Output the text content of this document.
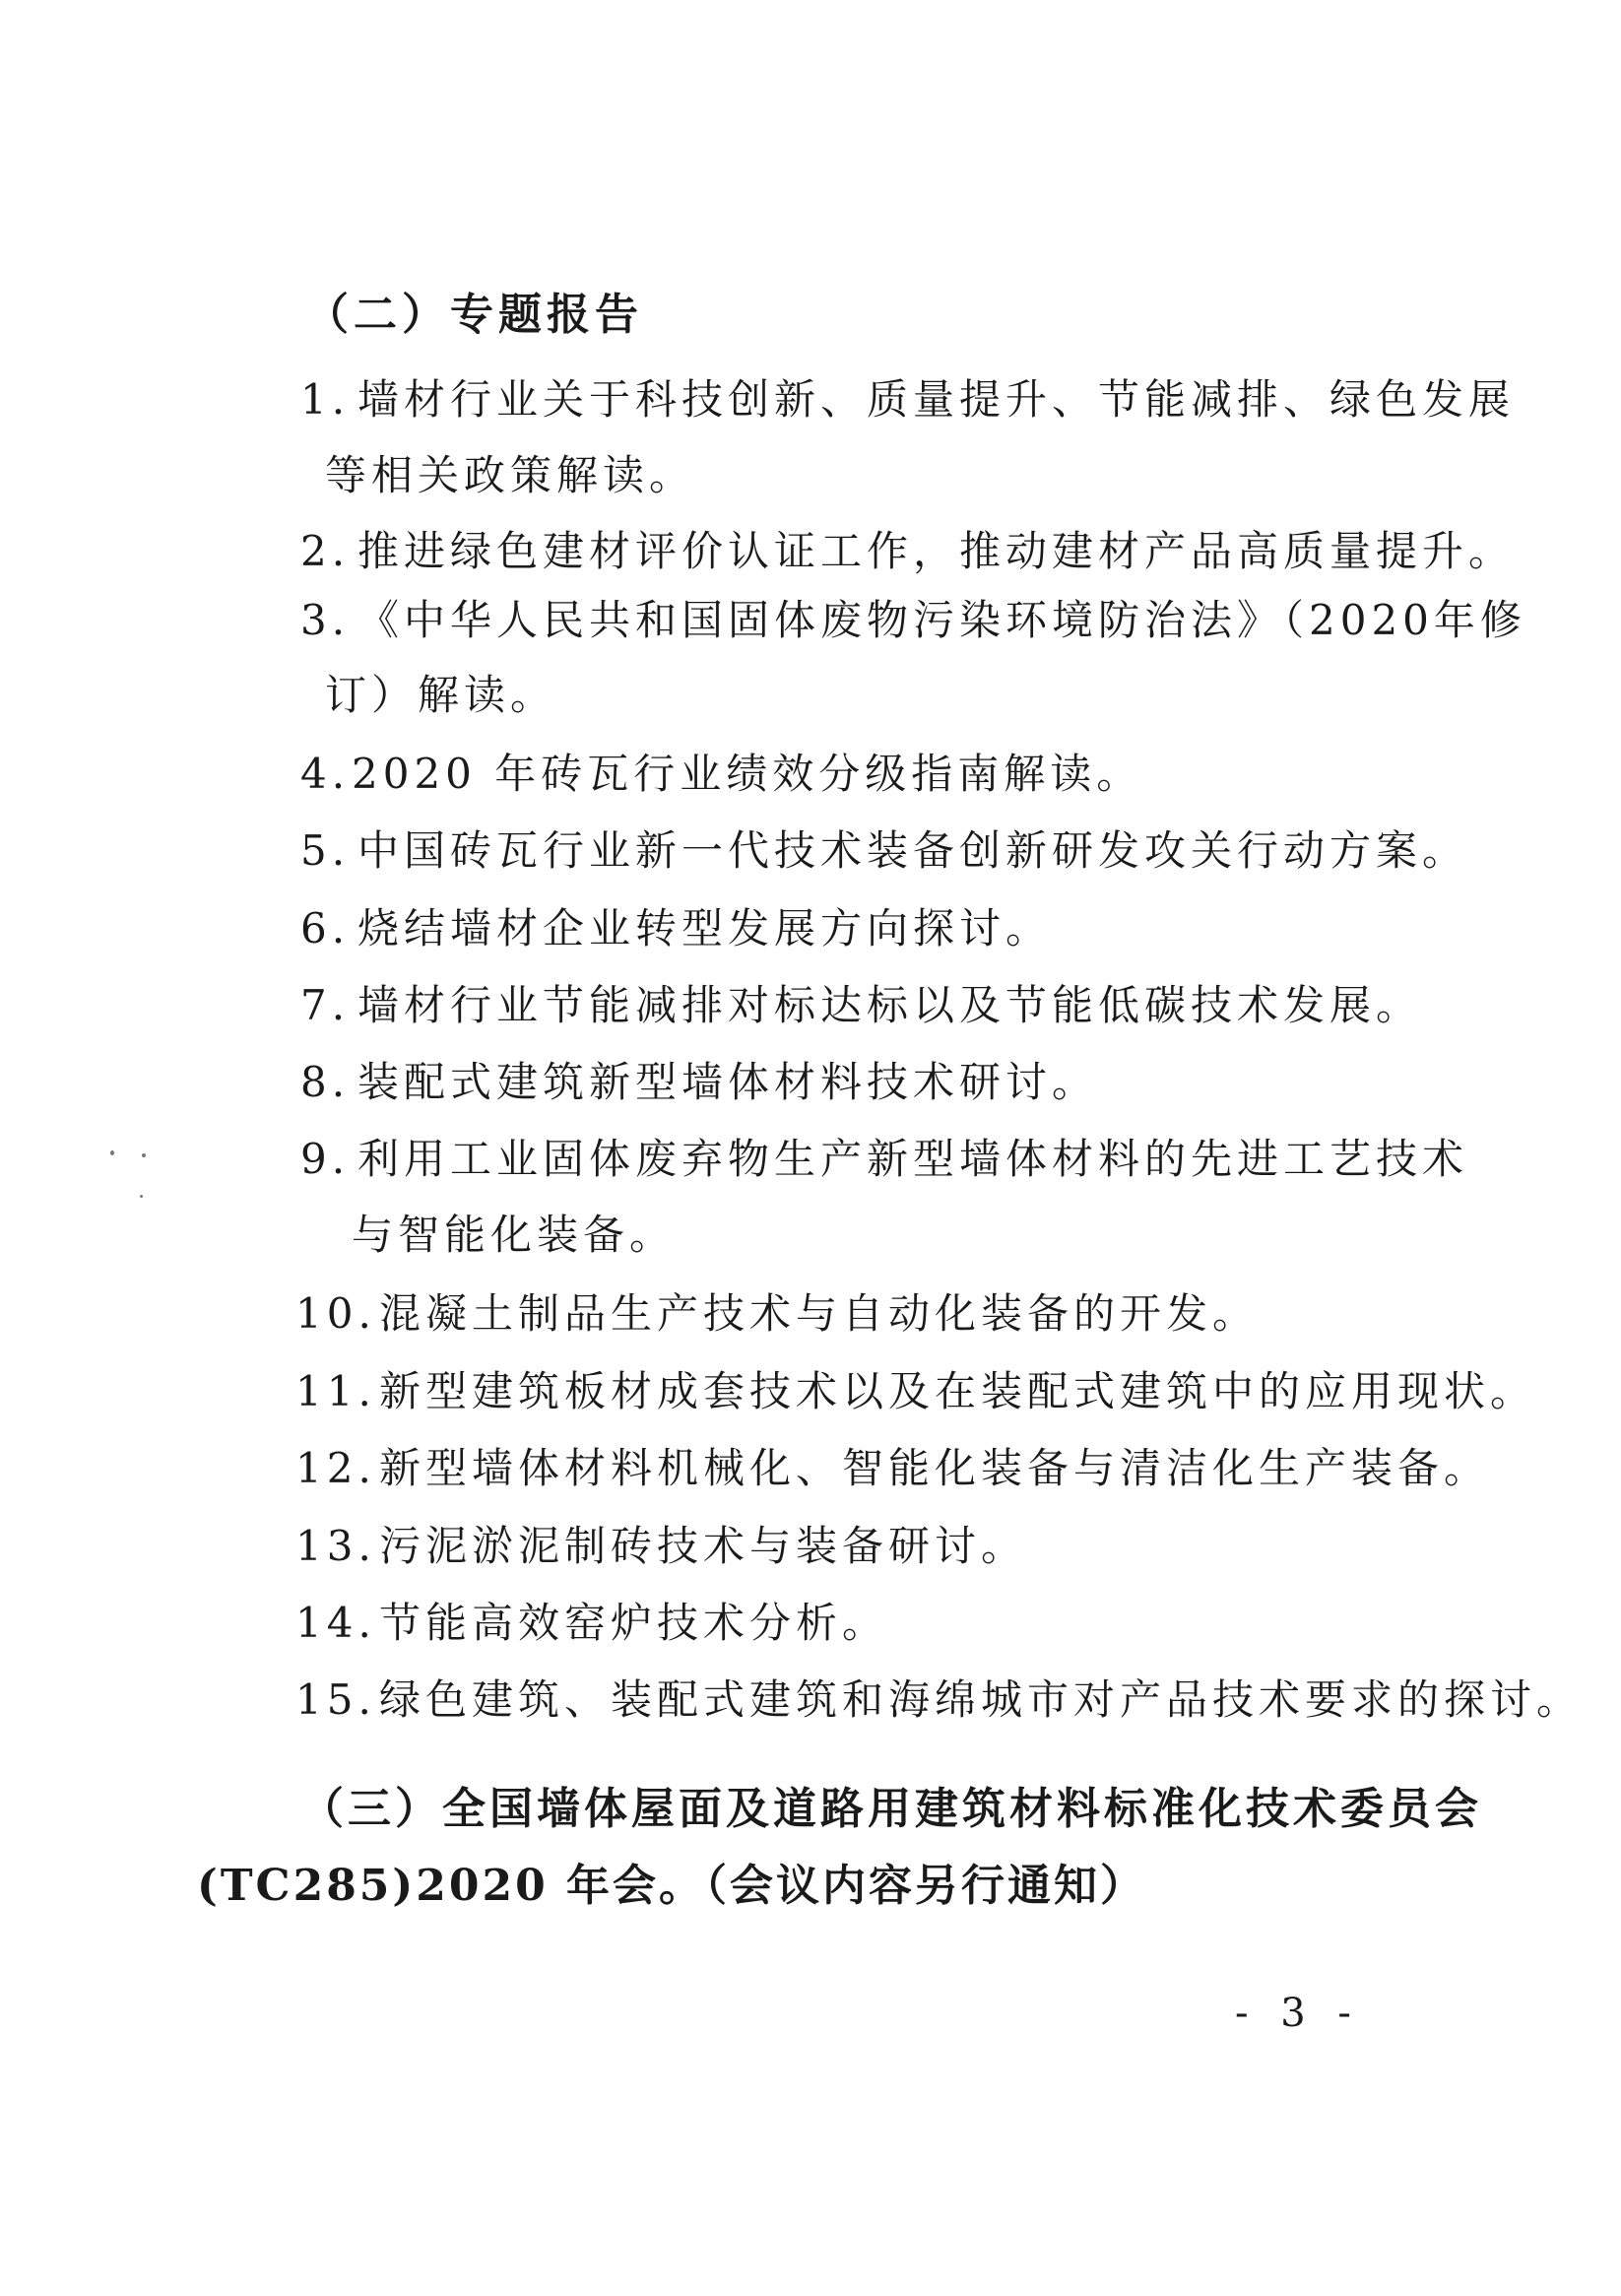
（二）专题报告
1. 墙材行业关于科技创新、质量提升、节能减排、绿色发展
等相关政策解读。
2. 推进绿色建材评价认证工作，推动建材产品高质量提升。
3. 《中华人民共和国固体废物污染环境防治法》（2020年修
订）解读。
4.2020 年砖瓦行业绩效分级指南解读。
5. 中国砖瓦行业新一代技术装备创新研发攻关行动方案。
6. 烧结墙材企业转型发展方向探讨。
7. 墙材行业节能减排对标达标以及节能低碳技术发展。
8. 装配式建筑新型墙体材料技术研讨。
9. 利用工业固体废弃物生产新型墙体材料的先进工艺技术
与智能化装备。
10.混凝土制品生产技术与自动化装备的开发。
11.新型建筑板材成套技术以及在装配式建筑中的应用现状。
12.新型墙体材料机械化、智能化装备与清洁化生产装备。
13.污泥淤泥制砖技术与装备研讨。
14.节能高效窑炉技术分析。
15.绿色建筑、装配式建筑和海绵城市对产品技术要求的探讨。
（三）全国墙体屋面及道路用建筑材料标准化技术委员会
(TC285)2020 年会。（会议内容另行通知）
- 3 -
